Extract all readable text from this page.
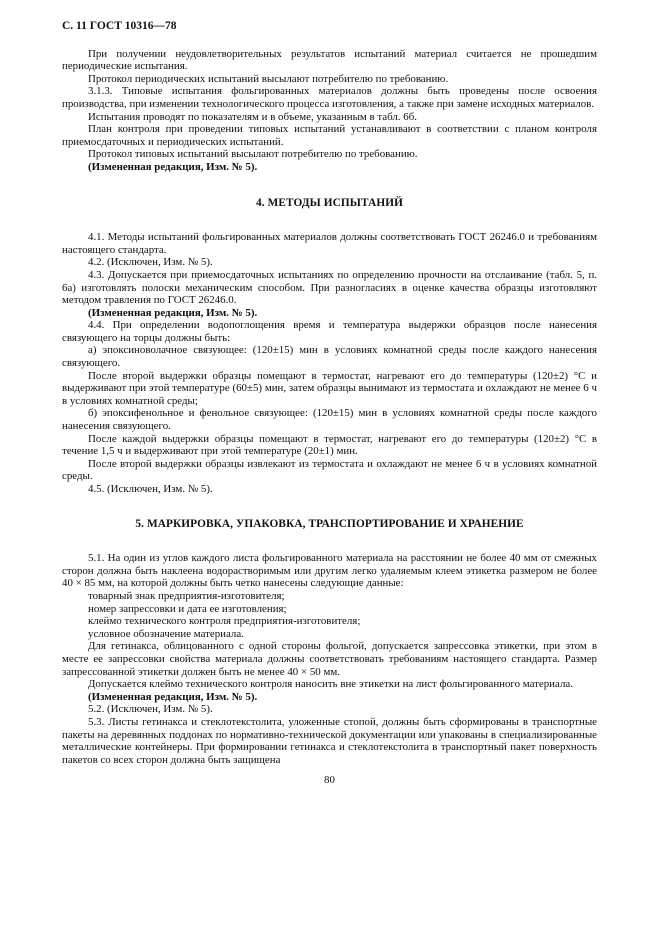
С. 11 ГОСТ 10316—78

При получении неудовлетворительных результатов испытаний материал считается не прошедшим периодические испытания.

Протокол периодических испытаний высылают потребителю по требованию.

3.1.3. Типовые испытания фольгированных материалов должны быть проведены после освоения производства, при изменении технологического процесса изготовления, а также при замене исходных материалов.

Испытания проводят по показателям и в объеме, указанным в табл. 6б.

План контроля при проведении типовых испытаний устанавливают в соответствии с планом контроля приемосдаточных и периодических испытаний.

Протокол типовых испытаний высылают потребителю по требованию.

(Измененная редакция, Изм. № 5).

4. МЕТОДЫ ИСПЫТАНИЙ

4.1. Методы испытаний фольгированных материалов должны соответствовать ГОСТ 26246.0 и требованиям настоящего стандарта.

4.2. (Исключен, Изм. № 5).

4.3. Допускается при приемосдаточных испытаниях по определению прочности на отслаивание (табл. 5, п. 6а) изготовлять полоски механическим способом. При разногласиях в оценке качества образцы изготовляют методом травления по ГОСТ 26246.0.

(Измененная редакция, Изм. № 5).

4.4. При определении водопоглощения время и температура выдержки образцов после нанесения связующего на торцы должны быть:

а) эпоксиноволачное связующее: (120±15) мин в условиях комнатной среды после каждого нанесения связующего.

После второй выдержки образцы помещают в термостат, нагревают его до температуры (120±2) °С и выдерживают при этой температуре (60±5) мин, затем образцы вынимают из термостата и охлаждают не менее 6 ч в условиях комнатной среды;

б) эпоксифенольное и фенольное связующее: (120±15) мин в условиях комнатной среды после каждого нанесения связующего.

После каждой выдержки образцы помещают в термостат, нагревают его до температуры (120±2) °С в течение 1,5 ч и выдерживают при этой температуре (20±1) мин.

После второй выдержки образцы извлекают из термостата и охлаждают не менее 6 ч в условиях комнатной среды.

4.5. (Исключен, Изм. № 5).

5. МАРКИРОВКА, УПАКОВКА, ТРАНСПОРТИРОВАНИЕ И ХРАНЕНИЕ

5.1. На один из углов каждого листа фольгированного материала на расстоянии не более 40 мм от смежных сторон должна быть наклеена водорастворимым или другим легко удаляемым клеем этикетка размером не более 40 × 85 мм, на которой должны быть четко нанесены следующие данные:

товарный знак предприятия-изготовителя;

номер запрессовки и дата ее изготовления;

клеймо технического контроля предприятия-изготовителя;

условное обозначение материала.

Для гетинакса, облицованного с одной стороны фольгой, допускается запрессовка этикетки, при этом в месте ее запрессовки свойства материала должны соответствовать требованиям настоящего стандарта. Размер запрессованной этикетки должен быть не менее 40 × 50 мм.

Допускается клеймо технического контроля наносить вне этикетки на лист фольгированного материала.

(Измененная редакция, Изм. № 5).

5.2. (Исключен, Изм. № 5).

5.3. Листы гетинакса и стеклотекстолита, уложенные стопой, должны быть сформированы в транспортные пакеты на деревянных поддонах по нормативно-технической документации или упакованы в специализированные металлические контейнеры. При формировании гетинакса и стеклотекстолита в транспортный пакет поверхность пакетов со всех сторон должна быть защищена

80
